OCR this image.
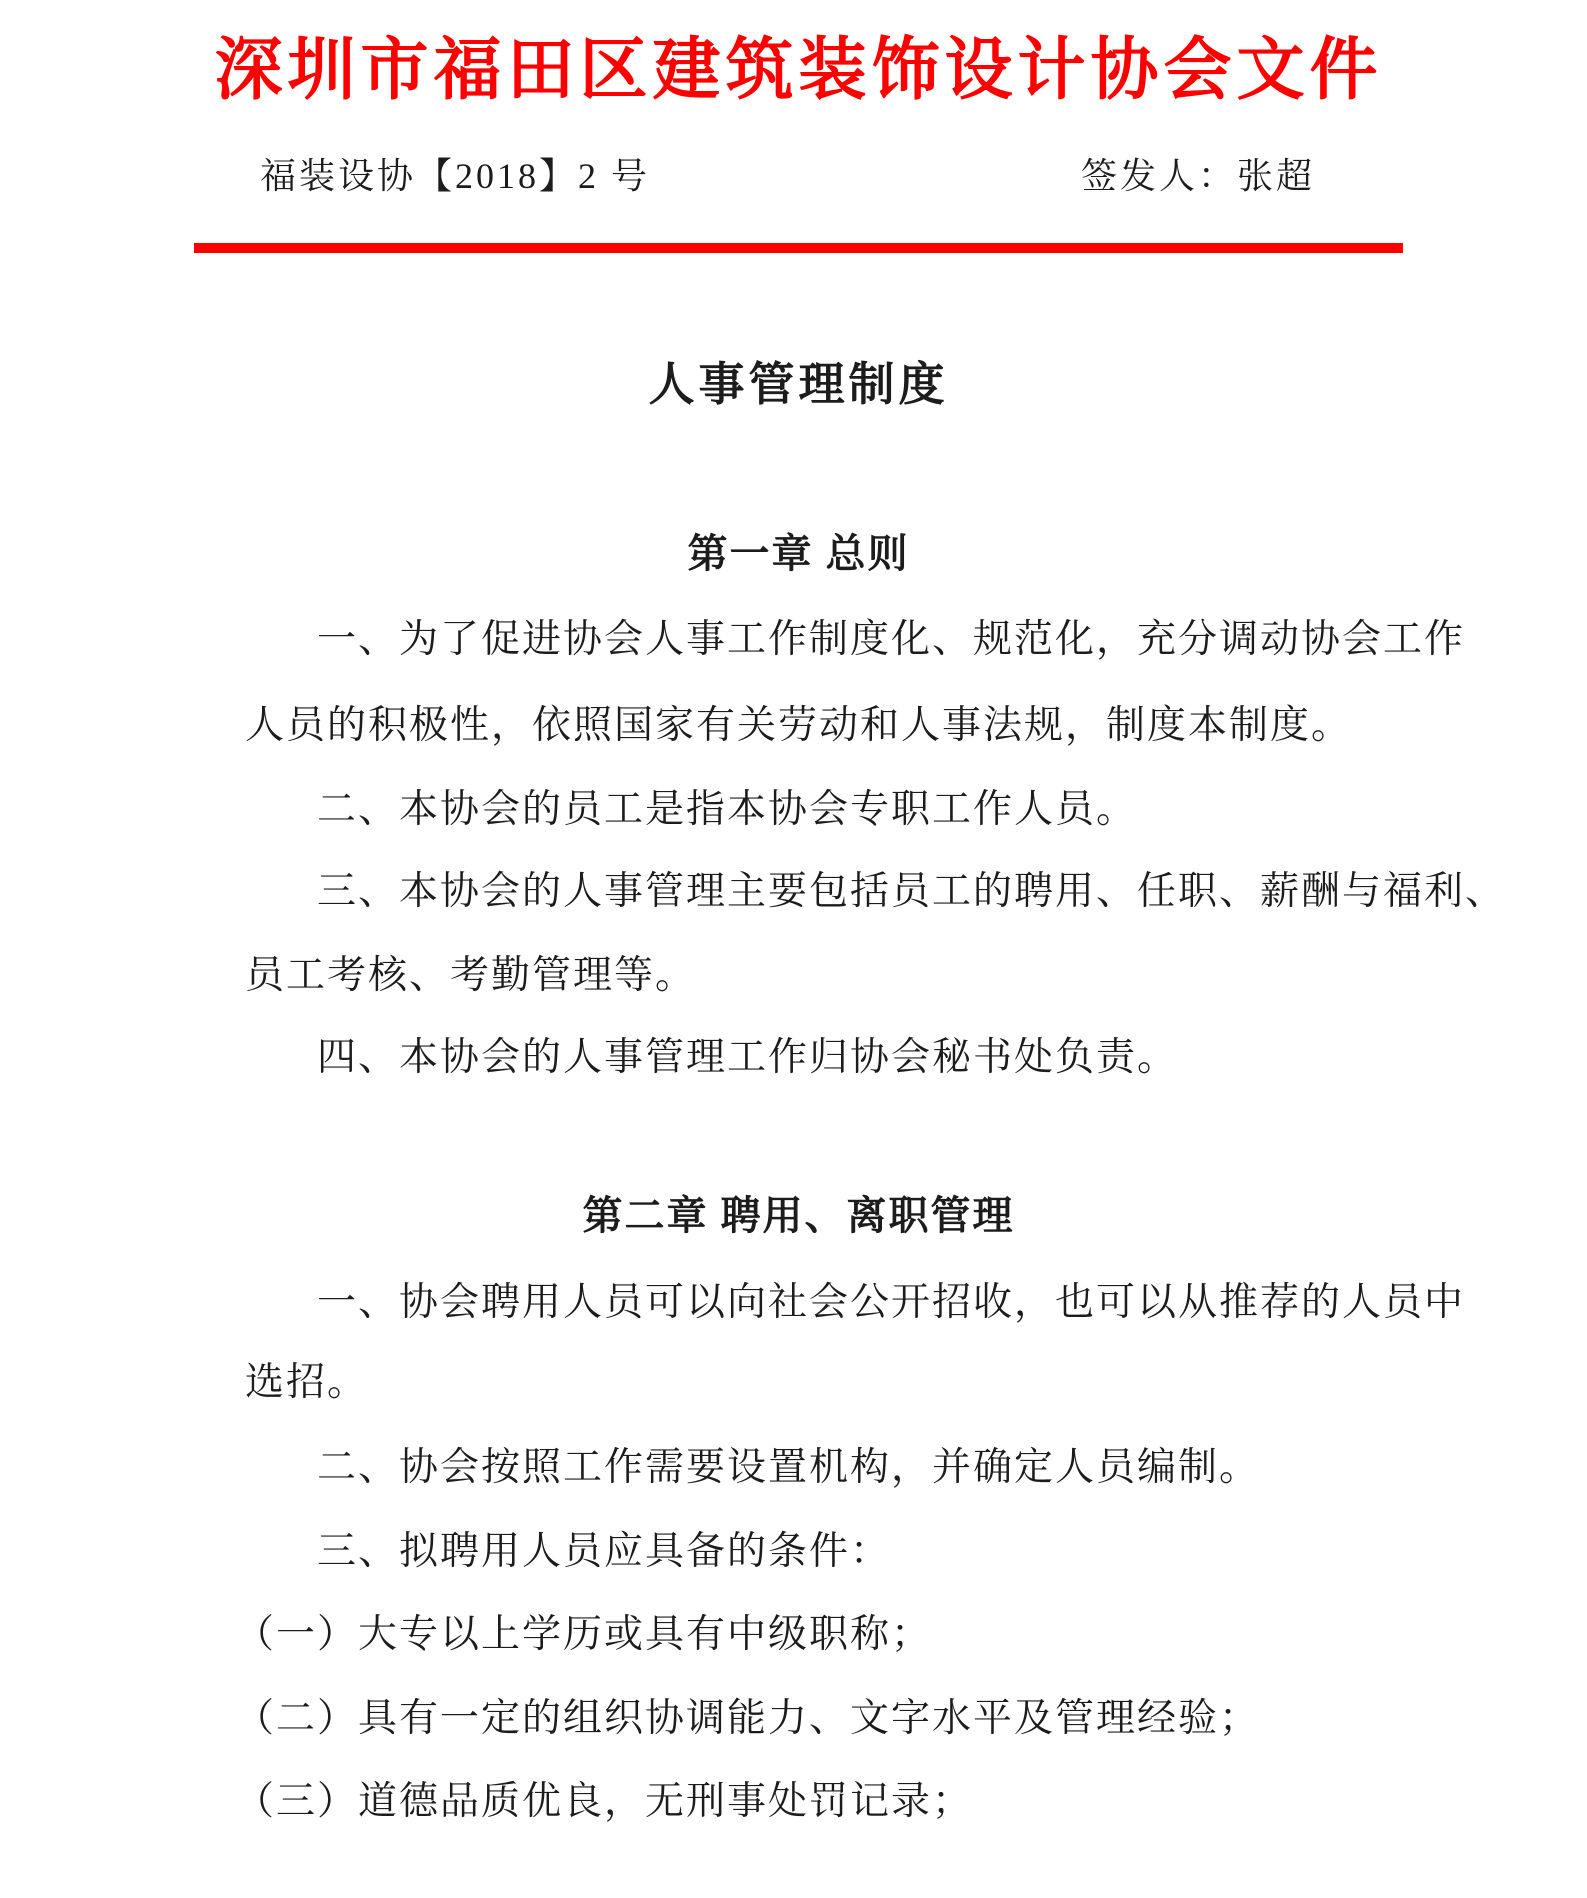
深圳市福田区建筑装饰设计协会文件
福装设协【2018】2 号	签发人：张超
人事管理制度
第一章 总则
一、为了促进协会人事工作制度化、规范化，充分调动协会工作
人员的积极性，依照国家有关劳动和人事法规，制度本制度。
二、本协会的员工是指本协会专职工作人员。
三、本协会的人事管理主要包括员工的聘用、任职、薪酬与福利、
员工考核、考勤管理等。
四、本协会的人事管理工作归协会秘书处负责。
第二章 聘用、离职管理
一、协会聘用人员可以向社会公开招收，也可以从推荐的人员中
选招。
二、协会按照工作需要设置机构，并确定人员编制。
三、拟聘用人员应具备的条件：
（一）大专以上学历或具有中级职称；
（二）具有一定的组织协调能力、文字水平及管理经验；
（三）道德品质优良，无刑事处罚记录；
